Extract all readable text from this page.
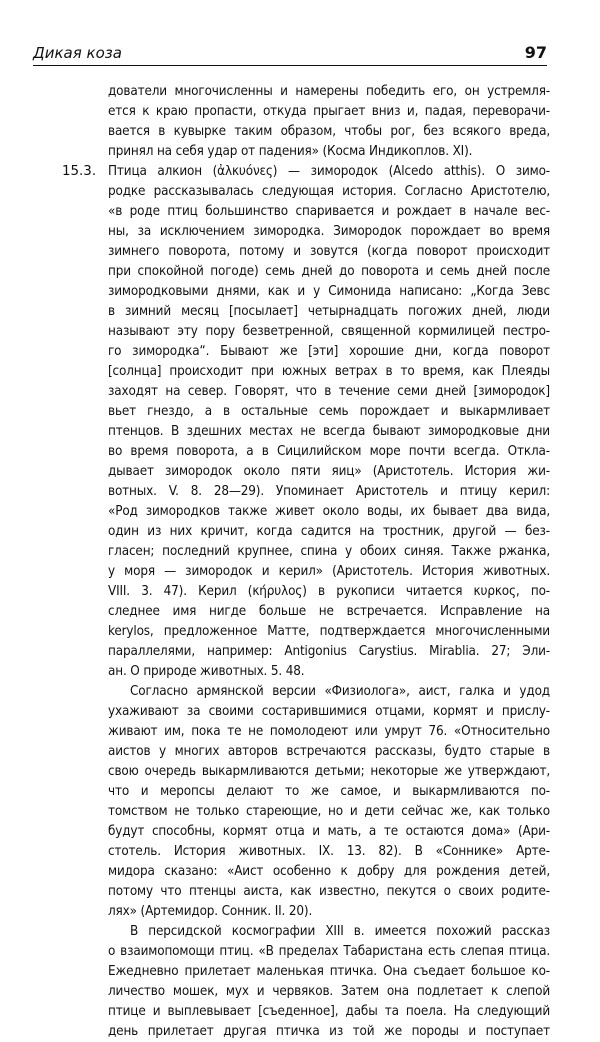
Дикая коза	97
15.3.
дователи многочисленны и намерены победить его, он устремля-
ется к краю пропасти, откуда прыгает вниз и, падая, переворачи-
вается в кувырке таким образом, чтобы рог, без всякого вреда,
принял на себя удар от падения» (Косма Индикоплов. XI).
Птица алкион (ἀλκυόνες) — зимородок (Alcedo atthis). О зимо-
родке рассказывалась следующая история. Согласно Аристотелю,
«в роде птиц большинство спаривается и рождает в начале вес-
ны, за исключением зимородка. Зимородок порождает во время
зимнего поворота, потому и зовутся (когда поворот происходит
при спокойной погоде) семь дней до поворота и семь дней после
зимородковыми днями, как и у Симонида написано: „Когда Зевс
в зимний месяц [посылает] четырнадцать погожих дней, люди
называют эту пору безветренной, священной кормилицей пестро-
го зимородка“. Бывают же [эти] хорошие дни, когда поворот
[солнца] происходит при южных ветрах в то время, как Плеяды
заходят на север. Говорят, что в течение семи дней [зимородок]
вьет гнездо, а в остальные семь порождает и выкармливает
птенцов. В здешних местах не всегда бывают зимородковые дни
во время поворота, а в Сицилийском море почти всегда. Откла-
дывает зимородок около пяти яиц» (Аристотель. История жи-
вотных. V. 8. 28—29). Упоминает Аристотель и птицу керил:
«Род зимородков также живет около воды, их бывает два вида,
один из них кричит, когда садится на тростник, другой — без-
гласен; последний крупнее, спина у обоих синяя. Также ржанка,
у моря — зимородок и керил» (Аристотель. История животных.
VIII. 3. 47). Керил (κήρυλος) в рукописи читается κυρκος, по-
следнее имя нигде больше не встречается. Исправление на
kerylos, предложенное Матте, подтверждается многочисленными
параллелями, например: Antigonius Carystius. Mirablia. 27; Эли-
ан. О природе животных. 5. 48.
Согласно армянской версии «Физиолога», аист, галка и удод
ухаживают за своими состарившимися отцами, кормят и прислу-
живают им, пока те не помолодеют или умрут 76. «Относительно
аистов у многих авторов встречаются рассказы, будто старые в
свою очередь выкармливаются детьми; некоторые же утверждают,
что и меропсы делают то же самое, и выкармливаются по-
томством не только стареющие, но и дети сейчас же, как только
будут способны, кормят отца и мать, а те остаются дома» (Ари-
стотель. История животных. IX. 13. 82). В «Соннике» Арте-
мидора сказано: «Аист особенно к добру для рождения детей,
потому что птенцы аиста, как известно, пекутся о своих родите-
лях» (Артемидор. Сонник. II. 20).
В персидской космографии XIII в. имеется похожий рассказ
о взаимопомощи птиц. «В пределах Табаристана есть слепая птица.
Ежедневно прилетает маленькая птичка. Она съедает большое ко-
личество мошек, мух и червяков. Затем она подлетает к слепой
птице и выплевывает [съеденное], дабы та поела. На следующий
день прилетает другая птичка из той же породы и поступает
